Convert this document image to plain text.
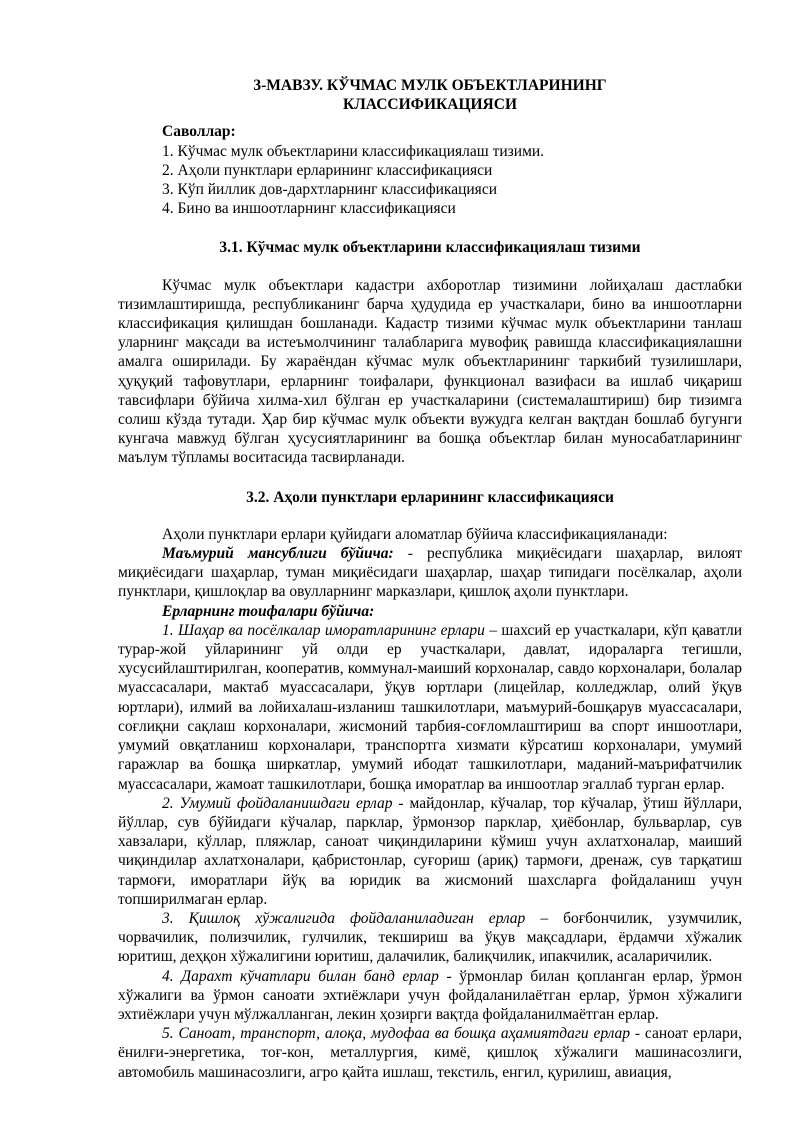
3-МАВЗУ. КЎЧМАС МУЛК ОБЪЕКТЛАРИНИНГ
КЛАССИФИКАЦИЯСИ
Саволлар:
1. Кўчмас мулк объектларини классификациялаш тизими.
2. Аҳоли пунктлари ерларининг классификацияси
3. Кўп йиллик дов-дархтларнинг классификацияси
4. Бино ва иншоотларнинг классификацияси
3.1. Кўчмас мулк объектларини классификациялаш тизими

Кўчмас мулк объектлари кадастри ахборотлар тизимини лойиҳалаш дастлабки тизимлаштиришда, республиканинг барча ҳудудида ер участкалари, бино ва иншоотларни классификация қилишдан бошланади. Кадастр тизими кўчмас мулк объектларини танлаш уларнинг мақсади ва истеъмолчининг талабларига мувофиқ равишда классификациялашни амалга оширилади. Бу жараёндан кўчмас мулк объектларининг таркибий тузилишлари, ҳуқуқий тафовутлари, ерларнинг тоифалари, функционал вазифаси ва ишлаб чиқариш тавсифлари бўйича хилма-хил бўлган ер участкаларини (системалаштириш) бир тизимга солиш кўзда тутади. Ҳар бир кўчмас мулк объекти вужудга келган вақтдан бошлаб бугунги кунгача мавжуд бўлган ҳусусиятларининг ва бошқа объектлар билан муносабатларининг маълум тўпламы воситасида тасвирланади.

3.2. Аҳоли пунктлари ерларининг классификацияси

Аҳоли пунктлари ерлари қуйидаги аломатлар бўйича классификацияланади:

Маъмурий мансублиги бўйича: - республика миқиёсидаги шаҳарлар, вилоят миқиёсидаги шаҳарлар, туман миқиёсидаги шаҳарлар, шаҳар типидаги посёлкалар, аҳоли пунктлари, қишлоқлар ва овулларнинг марказлари, қишлоқ аҳоли пунктлари.

Ерларнинг тоифалари бўйича:

1. Шаҳар ва посёлкалар иморатларининг ерлари – шахсий ер участкалари, кўп қаватли турар-жой уйларининг уй олди ер участкалари, давлат, идораларга тегишли, хусусийлаштирилган, кооператив, коммунал-маиший корхоналар, савдо корхоналари, болалар муассасалари, мактаб муассасалари, ўқув юртлари (лицейлар, колледжлар, олий ўқув юртлари), илмий ва лойихалаш-изланиш ташкилотлари, маъмурий-бошқарув муассасалари, соғлиқни сақлаш корхоналари, жисмоний тарбия-соғломлаштириш ва спорт иншоотлари, умумий овқатланиш корхоналари, транспортга хизмати кўрсатиш корхоналари, умумий гаражлар ва бошқа ширкатлар, умумий ибодат ташкилотлари, маданий-маърифатчилик муассасалари, жамоат ташкилотлари, бошқа иморатлар ва иншоотлар эгаллаб турган ерлар.

2. Умумий фойдаланишдаги ерлар - майдонлар, кўчалар, тор кўчалар, ўтиш йўллари, йўллар, сув бўйидаги кўчалар, парклар, ўрмонзор парклар, ҳиёбонлар, бульварлар, сув хавзалари, кўллар, пляжлар, саноат чиқиндиларини кўмиш учун ахлатхоналар, маиший чиқиндилар ахлатхоналари, қабристонлар, суғориш (ариқ) тармоғи, дренаж, сув тарқатиш тармоғи, иморатлари йўқ ва юридик ва жисмоний шахсларга фойдаланиш учун топширилмаган ерлар.

3. Қишлоқ хўжалигида фойдаланиладиган ерлар – боғбончилик, узумчилик, чорвачилик, полизчилик, гулчилик, текшириш ва ўқув мақсадлари, ёрдамчи хўжалик юритиш, деҳқон хўжалигини юритиш, далачилик, балиқчилик, ипакчилик, асаларичилик.

4. Дарахт кўчатлари билан банд ерлар - ўрмонлар билан қопланган ерлар, ўрмон хўжалиги ва ўрмон саноати эхтиёжлари учун фойдаланилаётган ерлар, ўрмон хўжалиги эхтиёжлари учун мўлжалланган, лекин ҳозирги вақтда фойдаланилмаётган ерлар.

5. Саноат, транспорт, алоқа, мудофаа ва бошқа аҳамиятдаги ерлар - саноат ерлари, ёнилғи-энергетика, тоғ-кон, металлургия, кимё, қишлоқ хўжалиги машинасозлиги, автомобиль машинасозлиги, агро қайта ишлаш, текстиль, енгил, қурилиш, авиация,
